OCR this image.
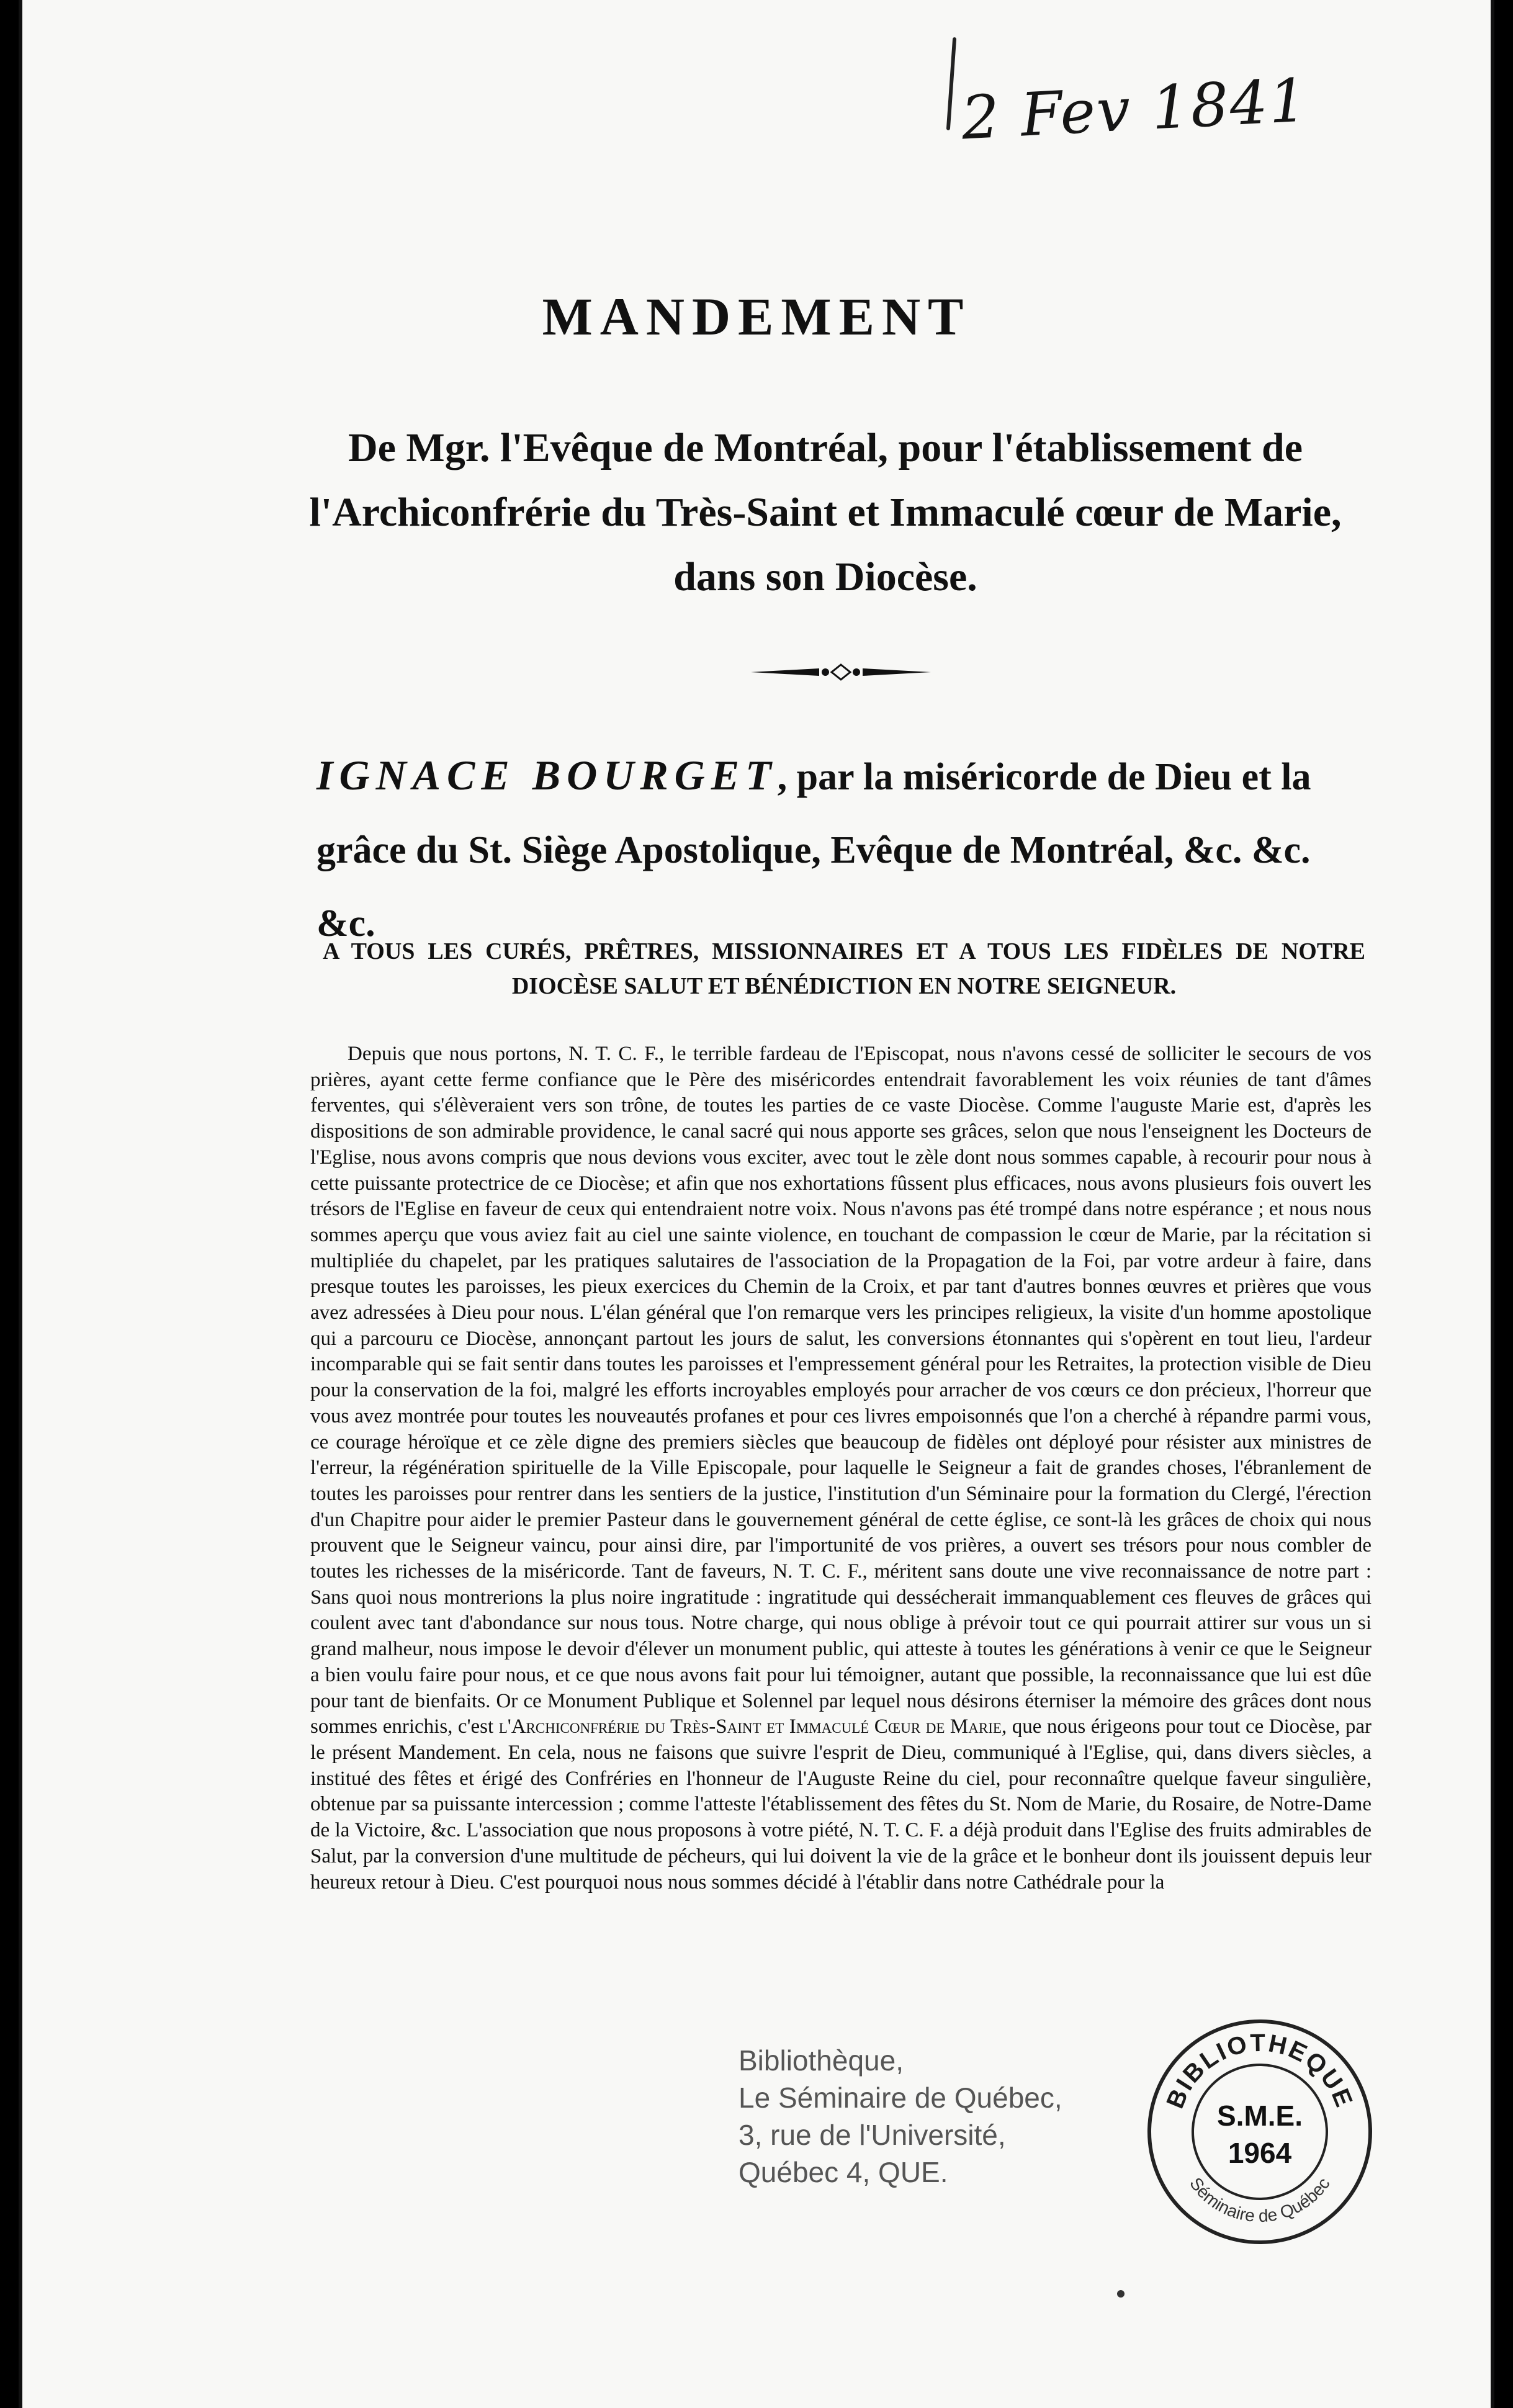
2 Fev 1841
MANDEMENT
De Mgr. l'Evêque de Montréal, pour l'établissement de l'Archiconfrérie du Très-Saint et Immaculé cœur de Marie, dans son Diocèse.
IGNACE BOURGET, par la miséricorde de Dieu et la grâce du St. Siège Apostolique, Evêque de Montréal, &c. &c. &c.
A TOUS LES CURÉS, PRÊTRES, MISSIONNAIRES ET A TOUS LES FIDÈLES DE NOTRE DIOCÈSE SALUT ET BÉNÉDICTION EN NOTRE SEIGNEUR.
Depuis que nous portons, N. T. C. F., le terrible fardeau de l'Episcopat, nous n'avons cessé de solliciter le secours de vos prières, ayant cette ferme confiance que le Père des miséricordes entendrait favorablement les voix réunies de tant d'âmes ferventes, qui s'élèveraient vers son trône, de toutes les parties de ce vaste Diocèse. Comme l'auguste Marie est, d'après les dispositions de son admirable providence, le canal sacré qui nous apporte ses grâces, selon que nous l'enseignent les Docteurs de l'Eglise, nous avons compris que nous devions vous exciter, avec tout le zèle dont nous sommes capable, à recourir pour nous à cette puissante protectrice de ce Diocèse; et afin que nos exhortations fûssent plus efficaces, nous avons plusieurs fois ouvert les trésors de l'Eglise en faveur de ceux qui entendraient notre voix. Nous n'avons pas été trompé dans notre espérance ; et nous nous sommes aperçu que vous aviez fait au ciel une sainte violence, en touchant de compassion le cœur de Marie, par la récitation si multipliée du chapelet, par les pratiques salutaires de l'association de la Propagation de la Foi, par votre ardeur à faire, dans presque toutes les paroisses, les pieux exercices du Chemin de la Croix, et par tant d'autres bonnes œuvres et prières que vous avez adressées à Dieu pour nous. L'élan général que l'on remarque vers les principes religieux, la visite d'un homme apostolique qui a parcouru ce Diocèse, annonçant partout les jours de salut, les conversions étonnantes qui s'opèrent en tout lieu, l'ardeur incomparable qui se fait sentir dans toutes les paroisses et l'empressement général pour les Retraites, la protection visible de Dieu pour la conservation de la foi, malgré les efforts incroyables employés pour arracher de vos cœurs ce don précieux, l'horreur que vous avez montrée pour toutes les nouveautés profanes et pour ces livres empoisonnés que l'on a cherché à répandre parmi vous, ce courage héroïque et ce zèle digne des premiers siècles que beaucoup de fidèles ont déployé pour résister aux ministres de l'erreur, la régénération spirituelle de la Ville Episcopale, pour laquelle le Seigneur a fait de grandes choses, l'ébranlement de toutes les paroisses pour rentrer dans les sentiers de la justice, l'institution d'un Séminaire pour la formation du Clergé, l'érection d'un Chapitre pour aider le premier Pasteur dans le gouvernement général de cette église, ce sont-là les grâces de choix qui nous prouvent que le Seigneur vaincu, pour ainsi dire, par l'importunité de vos prières, a ouvert ses trésors pour nous combler de toutes les richesses de la miséricorde. Tant de faveurs, N. T. C. F., méritent sans doute une vive reconnaissance de notre part : Sans quoi nous montrerions la plus noire ingratitude : ingratitude qui dessécherait immanquablement ces fleuves de grâces qui coulent avec tant d'abondance sur nous tous. Notre charge, qui nous oblige à prévoir tout ce qui pourrait attirer sur vous un si grand malheur, nous impose le devoir d'élever un monument public, qui atteste à toutes les générations à venir ce que le Seigneur a bien voulu faire pour nous, et ce que nous avons fait pour lui témoigner, autant que possible, la reconnaissance que lui est dûe pour tant de bienfaits. Or ce Monument Publique et Solennel par lequel nous désirons éterniser la mémoire des grâces dont nous sommes enrichis, c'est l'Archiconfrérie du Très-Saint et Immaculé Cœur de Marie, que nous érigeons pour tout ce Diocèse, par le présent Mandement. En cela, nous ne faisons que suivre l'esprit de Dieu, communiqué à l'Eglise, qui, dans divers siècles, a institué des fêtes et érigé des Confréries en l'honneur de l'Auguste Reine du ciel, pour reconnaître quelque faveur singulière, obtenue par sa puissante intercession ; comme l'atteste l'établissement des fêtes du St. Nom de Marie, du Rosaire, de Notre-Dame de la Victoire, &c. L'association que nous proposons à votre piété, N. T. C. F. a déjà produit dans l'Eglise des fruits admirables de Salut, par la conversion d'une multitude de pécheurs, qui lui doivent la vie de la grâce et le bonheur dont ils jouissent depuis leur heureux retour à Dieu. C'est pourquoi nous nous sommes décidé à l'établir dans notre Cathédrale pour la
Bibliothèque,
Le Séminaire de Québec,
3, rue de l'Université,
Québec 4, QUE.
BIBLIOTHEQUE
Séminaire de Québec
S.M.E.
1964
